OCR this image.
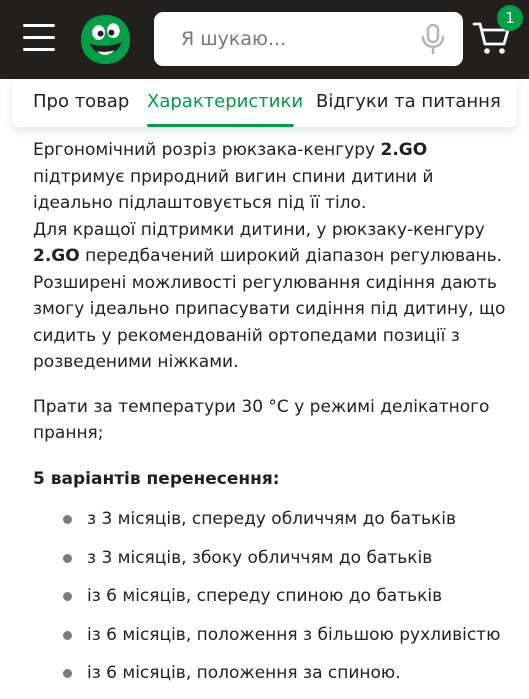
Я шукаю...
1
Про товар Характеристики Відгуки та питання

Ергономічний розріз рюкзака-кенгуру 2.GO підтримує природний вигин спини дитини й ідеально підлаштовується під її тіло.

Для кращої підтримки дитини, у рюкзаку-кенгуру 2.GO передбачений широкий діапазон регулювань. Розширені можливості регулювання сидіння дають змогу ідеально припасувати сидіння під дитину, що сидить у рекомендованій ортопедами позиції з розведеними ніжками.

Прати за температури 30 °C у режимі делікатного прання;

5 варіантів перенесення:

з 3 місяців, спереду обличчям до батьків
з 3 місяців, збоку обличчям до батьків
із 6 місяців, спереду спиною до батьків
із 6 місяців, положення з більшою рухливістю
із 6 місяців, положення за спиною.
